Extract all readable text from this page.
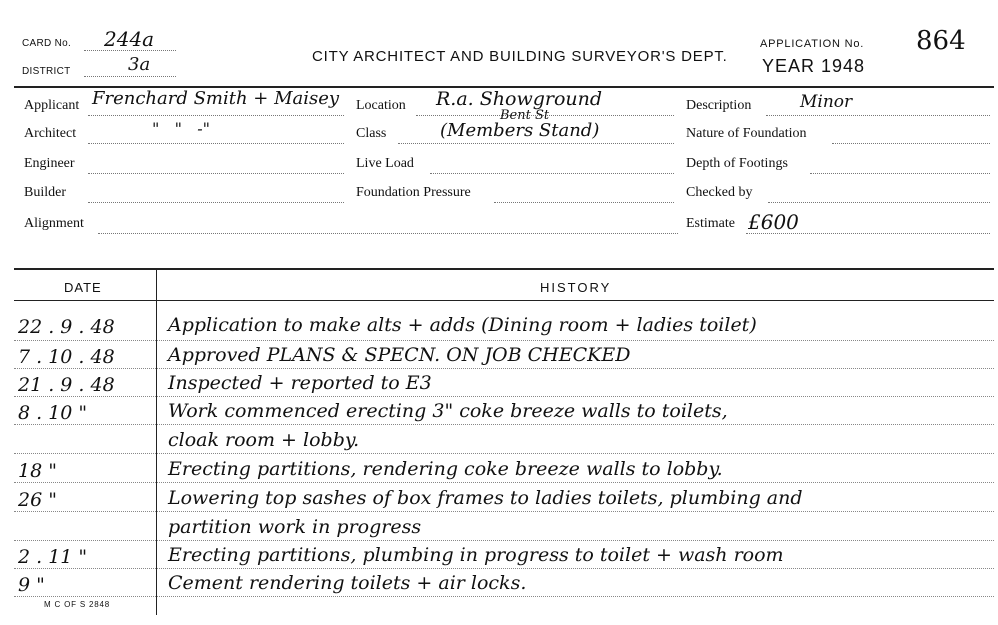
CARD No. 244a
DISTRICT	3a	CITY ARCHITECT AND BUILDING SURVEYOR'S DEPT.
APPLICATION No. 864
YEAR 1948
Applicant Frenchard Smith + Maisey
Architect	"   "   -"
Engineer
Builder
Alignment
Location R.a. Showground
Bent St
Class	(Members Stand)
Live Load
Foundation Pressure
Description	Minor
Nature of Foundation
Depth of Footings
Checked by
Estimate £600
DATE	HISTORY
22 . 9 . 48	Application to make alts + adds (Dining room + ladies toilet)
7 . 10 . 48	Approved PLANS & SPECN. ON JOB CHECKED
21 . 9 . 48	Inspected + reported to E3
8 . 10 "	Work commenced erecting 3" coke breeze walls to toilets,
cloak room + lobby.
18 "	Erecting partitions, rendering coke breeze walls to lobby.
26 "	Lowering top sashes of box frames to ladies toilets, plumbing and
partition work in progress
2 . 11 "	Erecting partitions, plumbing in progress to toilet + wash room
9 "	Cement rendering toilets + air locks.
M C OF S 2848
